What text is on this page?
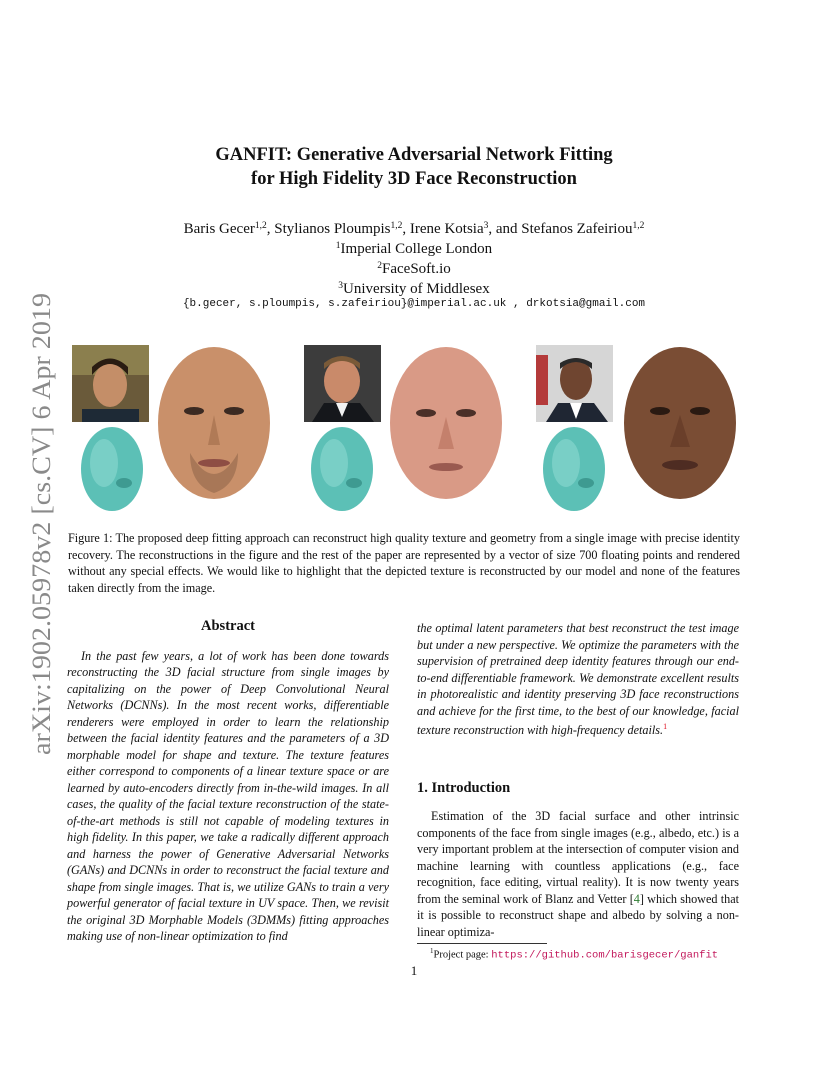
arXiv:1902.05978v2 [cs.CV] 6 Apr 2019
GANFIT: Generative Adversarial Network Fitting
for High Fidelity 3D Face Reconstruction
Baris Gecer$^{1,2}$, Stylianos Ploumpis$^{1,2}$, Irene Kotsia$^3$, and Stefanos Zafeiriou$^{1,2}$
$^1$Imperial College London
$^2$FaceSoft.io
$^3$University of Middlesex
{b.gecer, s.ploumpis, s.zafeiriou}@imperial.ac.uk , drkotsia@gmail.com
Figure 1: The proposed deep fitting approach can reconstruct high quality texture and geometry from a single image with precise identity recovery. The reconstructions in the figure and the rest of the paper are represented by a vector of size 700 floating points and rendered without any special effects. We would like to highlight that the depicted texture is reconstructed by our model and none of the features taken directly from the image.
Abstract

In the past few years, a lot of work has been done towards reconstructing the 3D facial structure from single images by capitalizing on the power of Deep Convolutional Neural Networks (DCNNs). In the most recent works, differentiable renderers were employed in order to learn the relationship between the facial identity features and the parameters of a 3D morphable model for shape and texture. The texture features either correspond to components of a linear texture space or are learned by auto-encoders directly from in-the-wild images. In all cases, the quality of the facial texture reconstruction of the state-of-the-art methods is still not capable of modeling textures in high fidelity. In this paper, we take a radically different approach and harness the power of Generative Adversarial Networks (GANs) and DCNNs in order to reconstruct the facial texture and shape from single images. That is, we utilize GANs to train a very powerful generator of facial texture in UV space. Then, we revisit the original 3D Morphable Models (3DMMs) fitting approaches making use of non-linear optimization to find

the optimal latent parameters that best reconstruct the test image but under a new perspective. We optimize the parameters with the supervision of pretrained deep identity features through our end-to-end differentiable framework. We demonstrate excellent results in photorealistic and identity preserving 3D face reconstructions and achieve for the first time, to the best of our knowledge, facial texture reconstruction with high-frequency details.$^1$

1. Introduction

Estimation of the 3D facial surface and other intrinsic components of the face from single images (e.g., albedo, etc.) is a very important problem at the intersection of computer vision and machine learning with countless applications (e.g., face recognition, face editing, virtual reality). It is now twenty years from the seminal work of Blanz and Vetter [4] which showed that it is possible to reconstruct shape and albedo by solving a non-linear optimiza-

$^1$Project page: https://github.com/barisgecer/ganfit
1
